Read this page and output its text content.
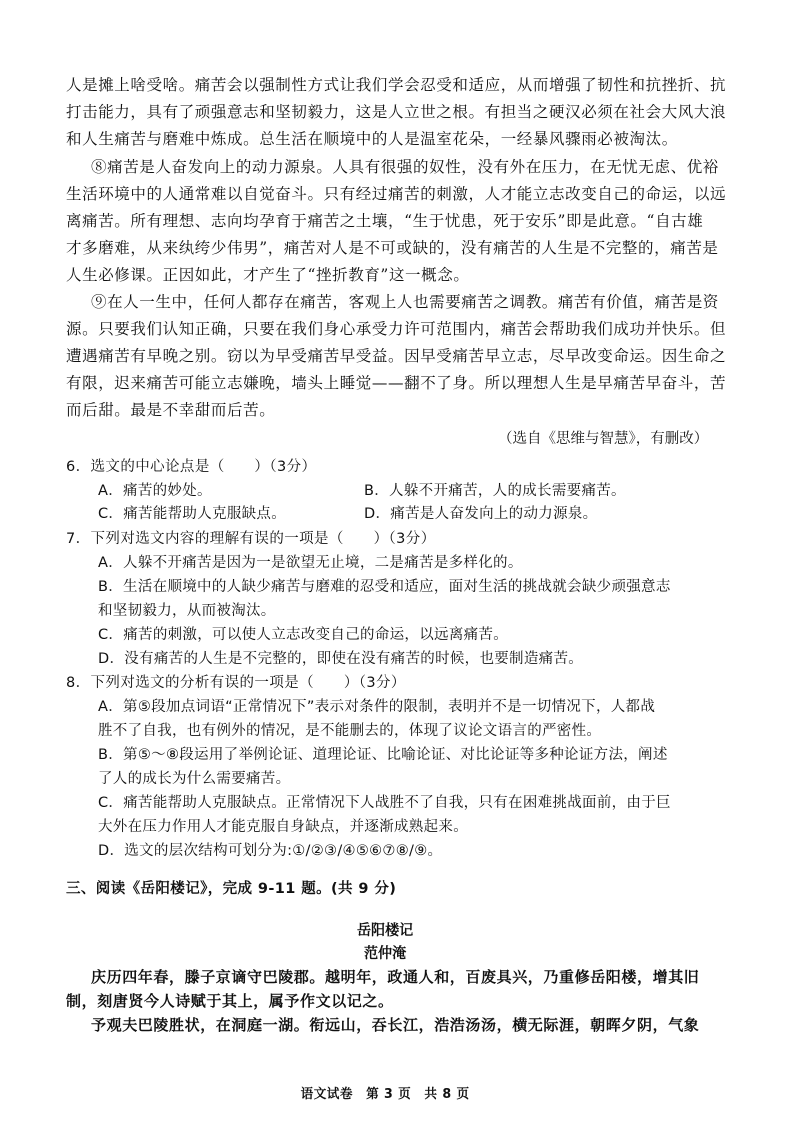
人是摊上啥受啥。痛苦会以强制性方式让我们学会忍受和适应，从而增强了韧性和抗挫折、抗
打击能力，具有了顽强意志和坚韧毅力，这是人立世之根。有担当之硬汉必须在社会大风大浪
和人生痛苦与磨难中炼成。总生活在顺境中的人是温室花朵，一经暴风骤雨必被淘汰。
⑧痛苦是人奋发向上的动力源泉。人具有很强的奴性，没有外在压力，在无忧无虑、优裕
生活环境中的人通常难以自觉奋斗。只有经过痛苦的刺激，人才能立志改变自己的命运，以远
离痛苦。所有理想、志向均孕育于痛苦之土壤，“生于忧患，死于安乐”即是此意。“自古雄
才多磨难，从来纨绔少伟男”，痛苦对人是不可或缺的，没有痛苦的人生是不完整的，痛苦是
人生必修课。正因如此，才产生了“挫折教育”这一概念。
⑨在人一生中，任何人都存在痛苦，客观上人也需要痛苦之调教。痛苦有价值，痛苦是资
源。只要我们认知正确，只要在我们身心承受力许可范围内，痛苦会帮助我们成功并快乐。但
遭遇痛苦有早晚之别。窃以为早受痛苦早受益。因早受痛苦早立志，尽早改变命运。因生命之
有限，迟来痛苦可能立志嫌晚，墙头上睡觉——翻不了身。所以理想人生是早痛苦早奋斗，苦
而后甜。最是不幸甜而后苦。
（选自《思维与智慧》，有删改）
6．选文的中心论点是（　　）（3分）
A．痛苦的妙处。	B．人躲不开痛苦，人的成长需要痛苦。
C．痛苦能帮助人克服缺点。	D．痛苦是人奋发向上的动力源泉。
7．下列对选文内容的理解有误的一项是（　　）（3分）
A．人躲不开痛苦是因为一是欲望无止境，二是痛苦是多样化的。
B．生活在顺境中的人缺少痛苦与磨难的忍受和适应，面对生活的挑战就会缺少顽强意志
和坚韧毅力，从而被淘汰。
C．痛苦的刺激，可以使人立志改变自己的命运，以远离痛苦。
D．没有痛苦的人生是不完整的，即使在没有痛苦的时候，也要制造痛苦。
8．下列对选文的分析有误的一项是（　　）（3分）
A．第⑤段加点词语“正常情况下”表示对条件的限制，表明并不是一切情况下，人都战
胜不了自我，也有例外的情况，是不能删去的，体现了议论文语言的严密性。
B．第⑤～⑧段运用了举例论证、道理论证、比喻论证、对比论证等多种论证方法，阐述
了人的成长为什么需要痛苦。
C．痛苦能帮助人克服缺点。正常情况下人战胜不了自我，只有在困难挑战面前，由于巨
大外在压力作用人才能克服自身缺点，并逐渐成熟起来。
D．选文的层次结构可划分为:①/②③/④⑤⑥⑦⑧/⑨。
三、阅读《岳阳楼记》，完成 9-11 题。(共 9 分)
岳阳楼记
范仲淹
庆历四年春，滕子京谪守巴陵郡。越明年，政通人和，百废具兴，乃重修岳阳楼，增其旧
制，刻唐贤今人诗赋于其上，属予作文以记之。
予观夫巴陵胜状，在洞庭一湖。衔远山，吞长江，浩浩汤汤，横无际涯，朝晖夕阴，气象
语文试卷　第 3 页　共 8 页
